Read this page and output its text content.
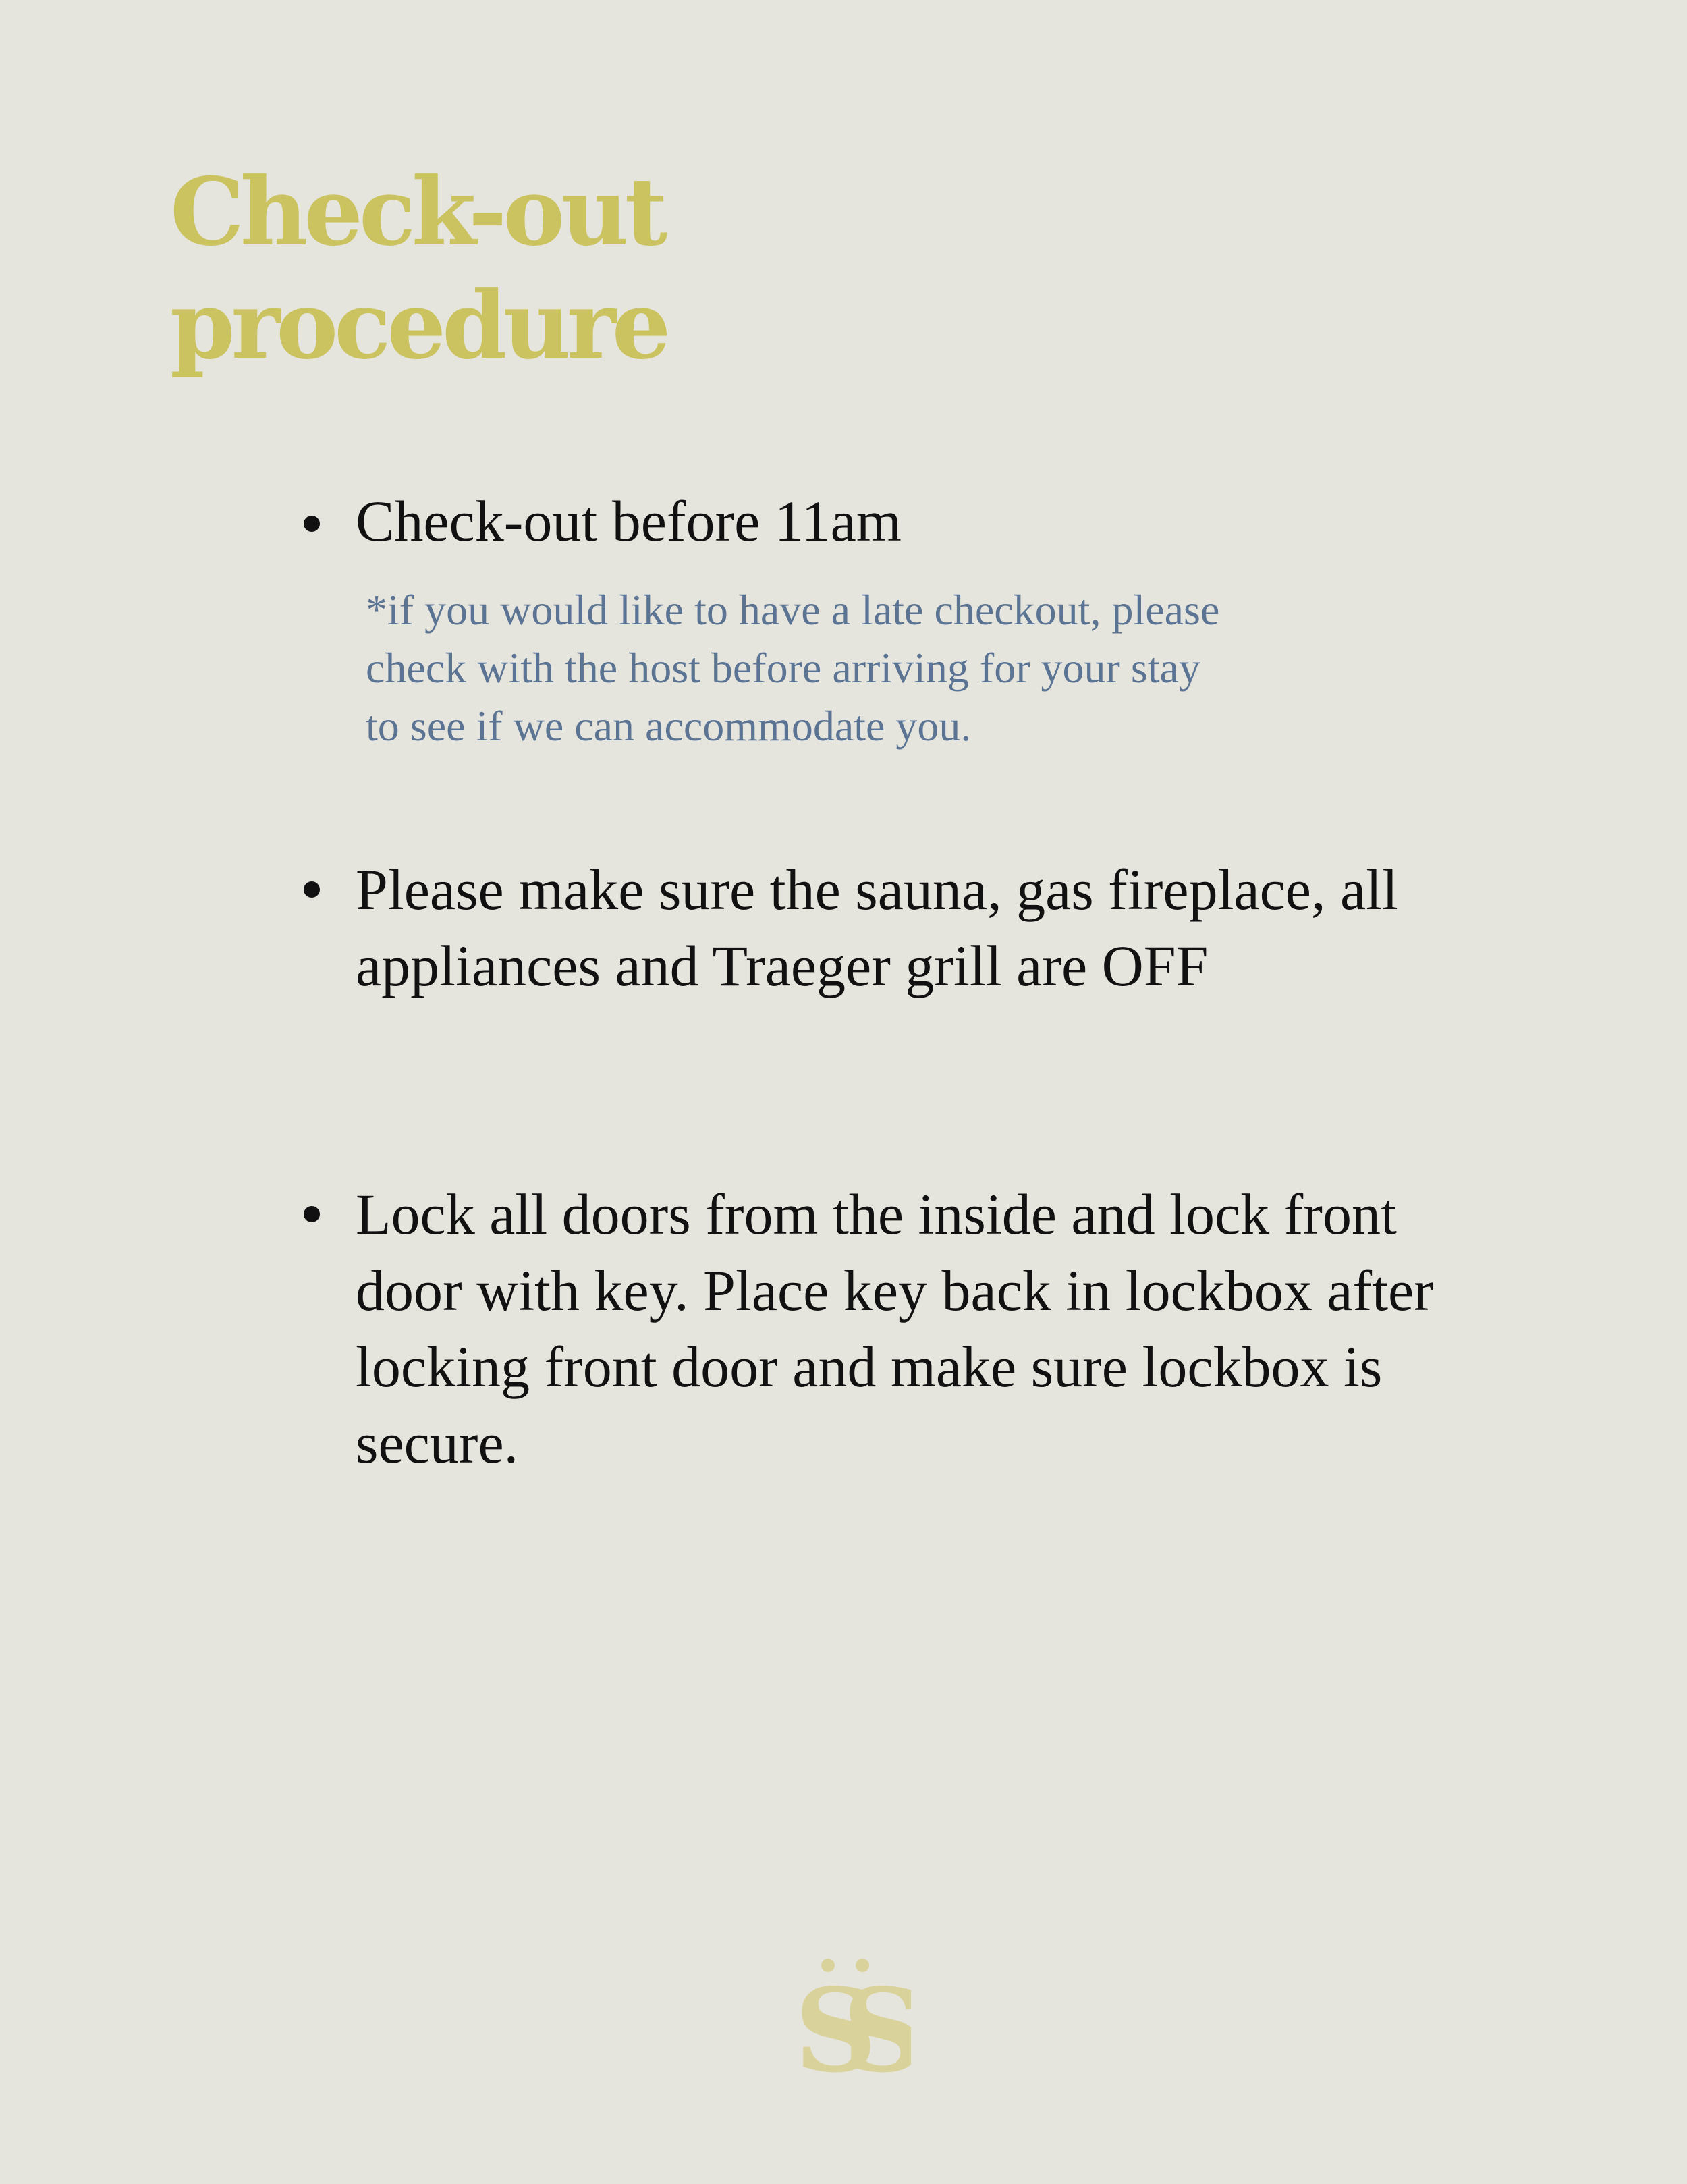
Check-out
procedure

Check-out before 11am

*if you would like to have a late checkout, please
check with the host before arriving for your stay
to see if we can accommodate you.

Please make sure the sauna, gas fireplace, all
appliances and Traeger grill are OFF

Lock all doors from the inside and lock front
door with key. Place key back in lockbox after
locking front door and make sure lockbox is
secure.

SS
